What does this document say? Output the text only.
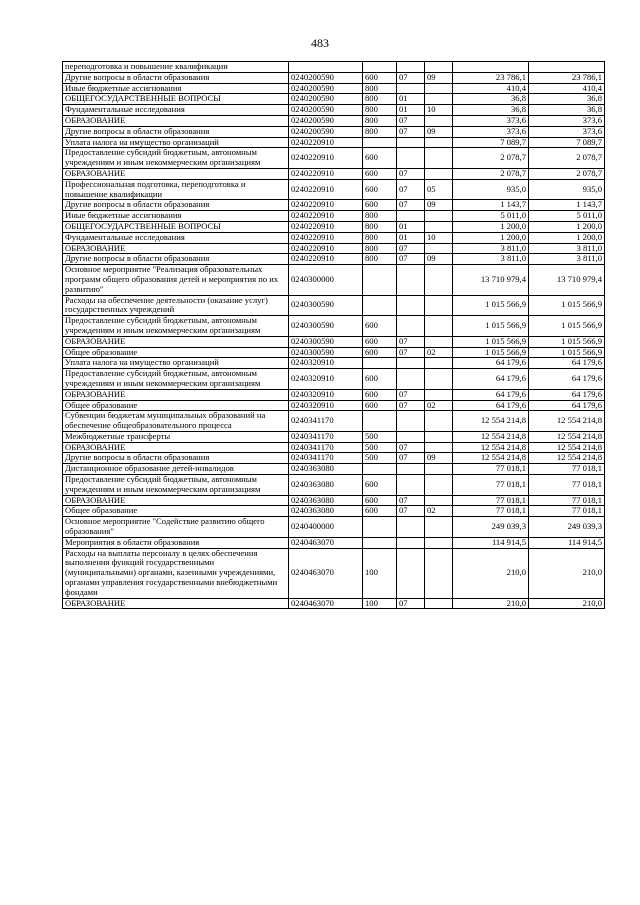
483
переподготовка и повышение квалификации						
Другие вопросы в области образования	0240200590	600	07	09	23 786,1	23 786,1
Иные бюджетные ассигнования	0240200590	800			410,4	410,4
ОБЩЕГОСУДАРСТВЕННЫЕ ВОПРОСЫ	0240200590	800	01		36,8	36,8
Фундаментальные исследования	0240200590	800	01	10	36,8	36,8
ОБРАЗОВАНИЕ	0240200590	800	07		373,6	373,6
Другие вопросы в области образования	0240200590	800	07	09	373,6	373,6
Уплата налога на имущество организаций	0240220910				7 089,7	7 089,7
Предоставление субсидий бюджетным, автономным учреждениям и иным некоммерческим организациям	0240220910	600			2 078,7	2 078,7
ОБРАЗОВАНИЕ	0240220910	600	07		2 078,7	2 078,7
Профессиональная подготовка, переподготовка и повышение квалификации	0240220910	600	07	05	935,0	935,0
Другие вопросы в области образования	0240220910	600	07	09	1 143,7	1 143,7
Иные бюджетные ассигнования	0240220910	800			5 011,0	5 011,0
ОБЩЕГОСУДАРСТВЕННЫЕ ВОПРОСЫ	0240220910	800	01		1 200,0	1 200,0
Фундаментальные исследования	0240220910	800	01	10	1 200,0	1 200,0
ОБРАЗОВАНИЕ	0240220910	800	07		3 811,0	3 811,0
Другие вопросы в области образования	0240220910	800	07	09	3 811,0	3 811,0
Основное мероприятие "Реализация образовательных программ общего образования детей и мероприятия по их развитию"	0240300000				13 710 979,4	13 710 979,4
Расходы на обеспечение деятельности (оказание услуг) государственных учреждений	0240300590				1 015 566,9	1 015 566,9
Предоставление субсидий бюджетным, автономным учреждениям и иным некоммерческим организациям	0240300590	600			1 015 566,9	1 015 566,9
ОБРАЗОВАНИЕ	0240300590	600	07		1 015 566,9	1 015 566,9
Общее образование	0240300590	600	07	02	1 015 566,9	1 015 566,9
Уплата налога на имущество организаций	0240320910				64 179,6	64 179,6
Предоставление субсидий бюджетным, автономным учреждениям и иным некоммерческим организациям	0240320910	600			64 179,6	64 179,6
ОБРАЗОВАНИЕ	0240320910	600	07		64 179,6	64 179,6
Общее образование	0240320910	600	07	02	64 179,6	64 179,6
Субвенции бюджетам муниципальных образований на обеспечение общеобразовательного процесса	0240341170				12 554 214,8	12 554 214,8
Межбюджетные трансферты	0240341170	500			12 554 214,8	12 554 214,8
ОБРАЗОВАНИЕ	0240341170	500	07		12 554 214,8	12 554 214,8
Другие вопросы в области образования	0240341170	500	07	09	12 554 214,8	12 554 214,8
Дистанционное образование детей-инвалидов	0240363080				77 018,1	77 018,1
Предоставление субсидий бюджетным, автономным учреждениям и иным некоммерческим организациям	0240363080	600			77 018,1	77 018,1
ОБРАЗОВАНИЕ	0240363080	600	07		77 018,1	77 018,1
Общее образование	0240363080	600	07	02	77 018,1	77 018,1
Основное мероприятие "Содействие развитию общего образования"	0240400000				249 039,3	249 039,3
Мероприятия в области образования	0240463070				114 914,5	114 914,5
Расходы на выплаты персоналу в целях обеспечения выполнения функций государственными (муниципальными) органами, казенными учреждениями, органами управления государственными внебюджетными фондами	0240463070	100			210,0	210,0
ОБРАЗОВАНИЕ	0240463070	100	07		210,0	210,0
